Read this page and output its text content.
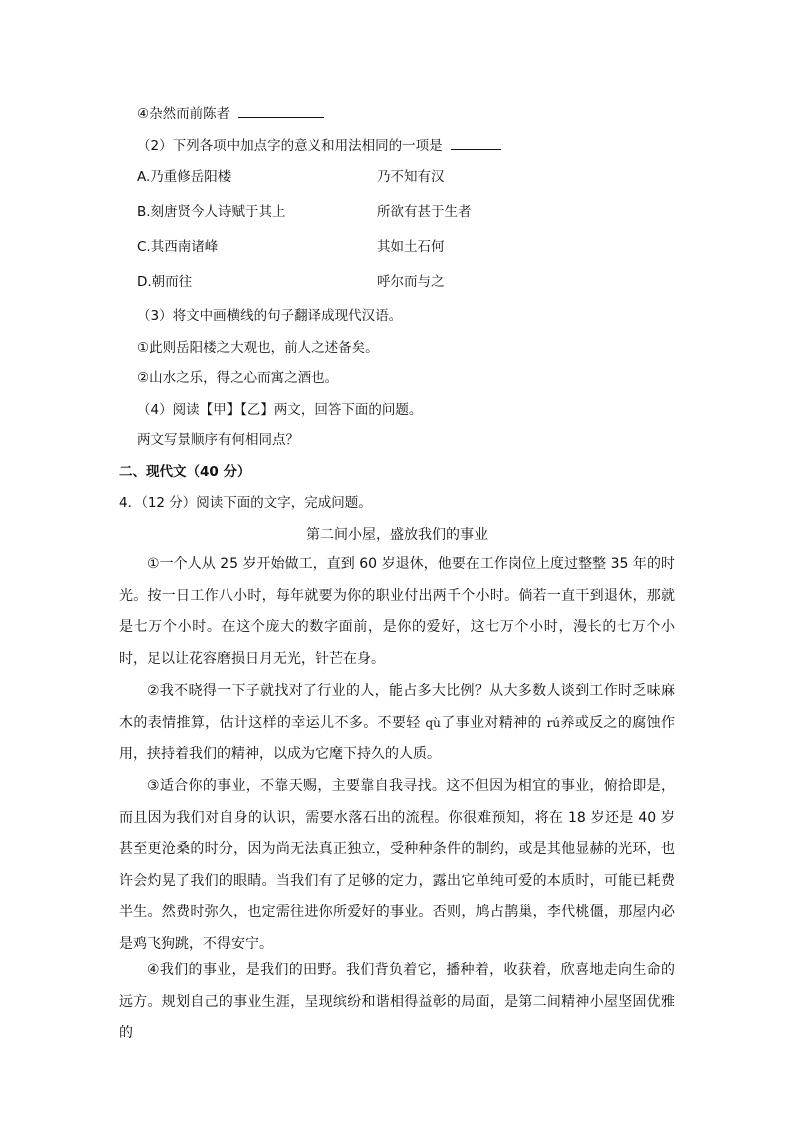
④杂然而前陈者
（2）下列各项中加点字的意义和用法相同的一项是
A.乃重修岳阳楼	乃不知有汉
B.刻唐贤今人诗赋于其上	所欲有甚于生者
C.其西南诸峰	其如土石何
D.朝而往	呼尔而与之
（3）将文中画横线的句子翻译成现代汉语。
①此则岳阳楼之大观也，前人之述备矣。
②山水之乐，得之心而寓之酒也。
（4）阅读【甲】【乙】两文，回答下面的问题。
两文写景顺序有何相同点？
二、现代文（40 分）
4．（12 分）阅读下面的文字，完成问题。
第二间小屋，盛放我们的事业
①一个人从 25 岁开始做工，直到 60 岁退休，他要在工作岗位上度过整整 35 年的时光。按一日工作八小时，每年就要为你的职业付出两千个小时。倘若一直干到退休，那就是七万个小时。在这个庞大的数字面前，是你的爱好，这七万个小时，漫长的七万个小时，足以让花容磨损日月无光，针芒在身。
②我不晓得一下子就找对了行业的人，能占多大比例？从大多数人谈到工作时乏味麻木的表情推算，估计这样的幸运儿不多。不要轻 qù了事业对精神的 rú养或反之的腐蚀作用，挟持着我们的精神，以成为它麾下持久的人质。
③适合你的事业，不靠天赐，主要靠自我寻找。这不但因为相宜的事业，俯拾即是，而且因为我们对自身的认识，需要水落石出的流程。你很难预知，将在 18 岁还是 40 岁甚至更沧桑的时分，因为尚无法真正独立，受种种条件的制约，或是其他显赫的光环，也许会灼晃了我们的眼睛。当我们有了足够的定力，露出它单纯可爱的本质时，可能已耗费半生。然费时弥久，也定需往进你所爱好的事业。否则，鸠占鹊巢，李代桃僵，那屋内必是鸡飞狗跳，不得安宁。
④我们的事业，是我们的田野。我们背负着它，播种着，收获着，欣喜地走向生命的远方。规划自己的事业生涯，呈现缤纷和谐相得益彰的局面，是第二间精神小屋坚固优雅的
